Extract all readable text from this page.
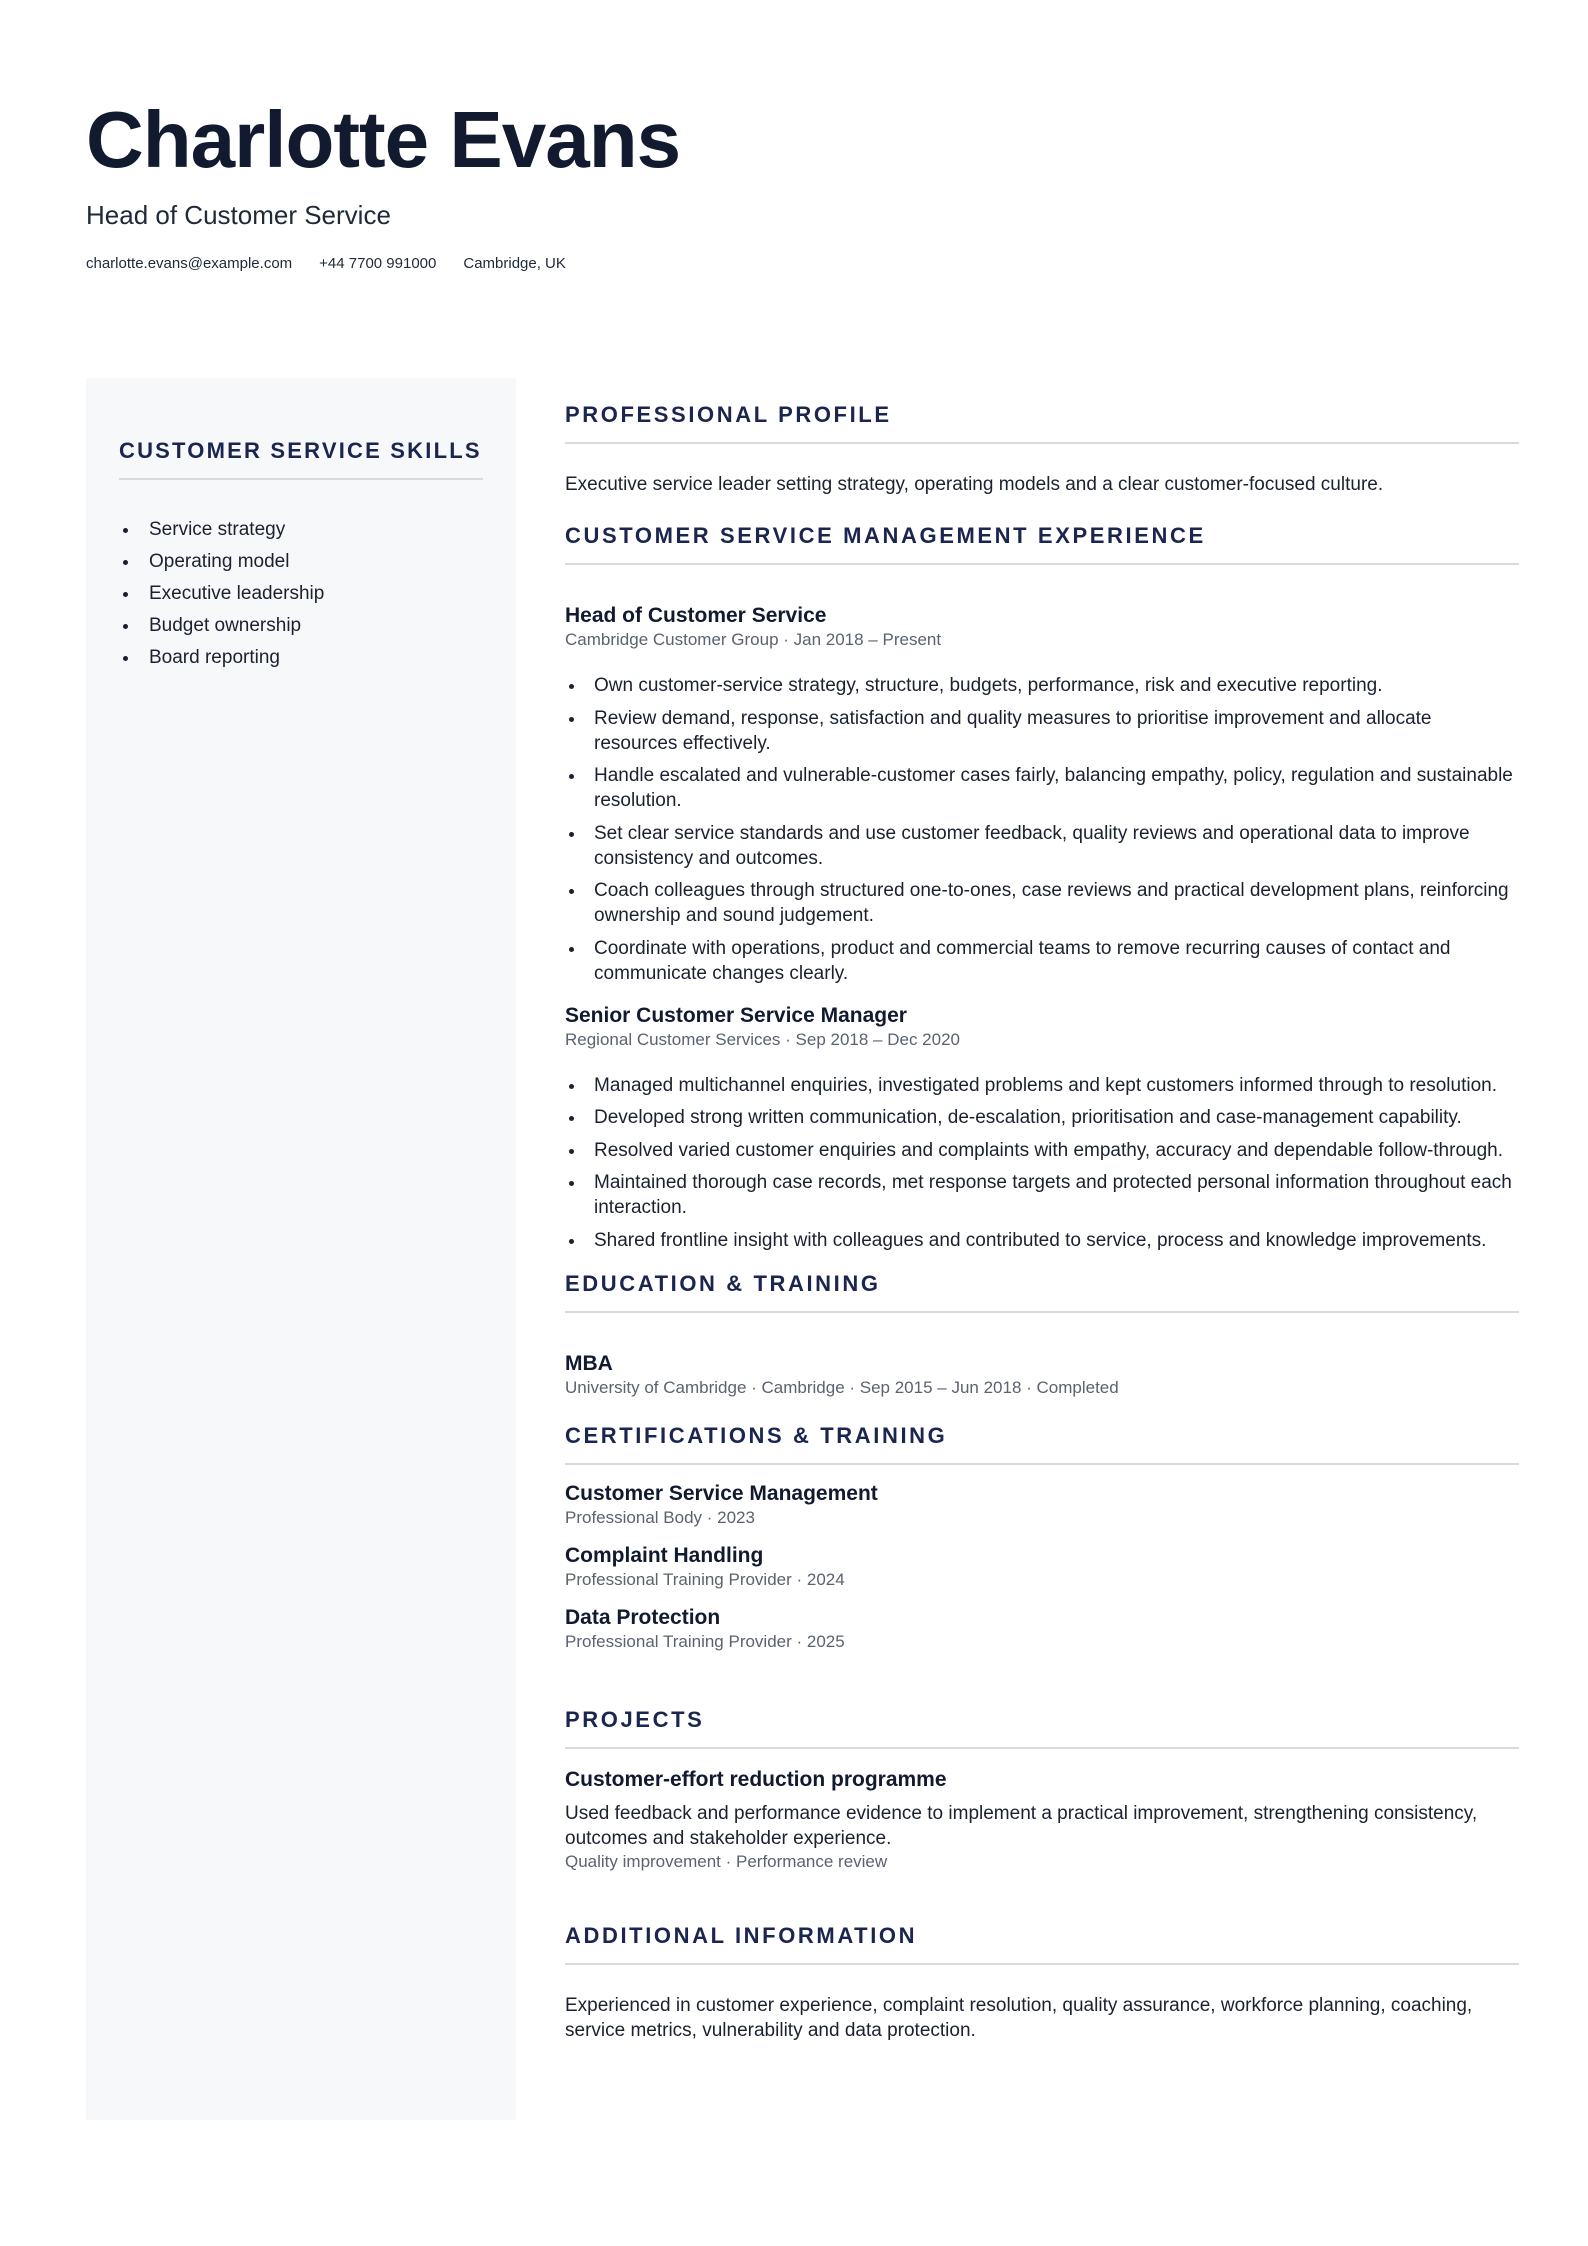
Charlotte Evans
Head of Customer Service
charlotte.evans@example.com +44 7700 991000 Cambridge, UK
CUSTOMER SERVICE SKILLS
Service strategy
Operating model
Executive leadership
Budget ownership
Board reporting
PROFESSIONAL PROFILE
Executive service leader setting strategy, operating models and a clear customer-focused culture.
CUSTOMER SERVICE MANAGEMENT EXPERIENCE
Head of Customer Service
Cambridge Customer Group · Jan 2018 – Present
Own customer-service strategy, structure, budgets, performance, risk and executive reporting.
Review demand, response, satisfaction and quality measures to prioritise improvement and allocate resources effectively.
Handle escalated and vulnerable-customer cases fairly, balancing empathy, policy, regulation and sustainable resolution.
Set clear service standards and use customer feedback, quality reviews and operational data to improve consistency and outcomes.
Coach colleagues through structured one-to-ones, case reviews and practical development plans, reinforcing ownership and sound judgement.
Coordinate with operations, product and commercial teams to remove recurring causes of contact and communicate changes clearly.
Senior Customer Service Manager
Regional Customer Services · Sep 2018 – Dec 2020
Managed multichannel enquiries, investigated problems and kept customers informed through to resolution.
Developed strong written communication, de-escalation, prioritisation and case-management capability.
Resolved varied customer enquiries and complaints with empathy, accuracy and dependable follow-through.
Maintained thorough case records, met response targets and protected personal information throughout each interaction.
Shared frontline insight with colleagues and contributed to service, process and knowledge improvements.
EDUCATION & TRAINING
MBA
University of Cambridge · Cambridge · Sep 2015 – Jun 2018 · Completed
CERTIFICATIONS & TRAINING
Customer Service Management
Professional Body · 2023
Complaint Handling
Professional Training Provider · 2024
Data Protection
Professional Training Provider · 2025
PROJECTS
Customer-effort reduction programme
Used feedback and performance evidence to implement a practical improvement, strengthening consistency, outcomes and stakeholder experience.
Quality improvement · Performance review
ADDITIONAL INFORMATION
Experienced in customer experience, complaint resolution, quality assurance, workforce planning, coaching, service metrics, vulnerability and data protection.
